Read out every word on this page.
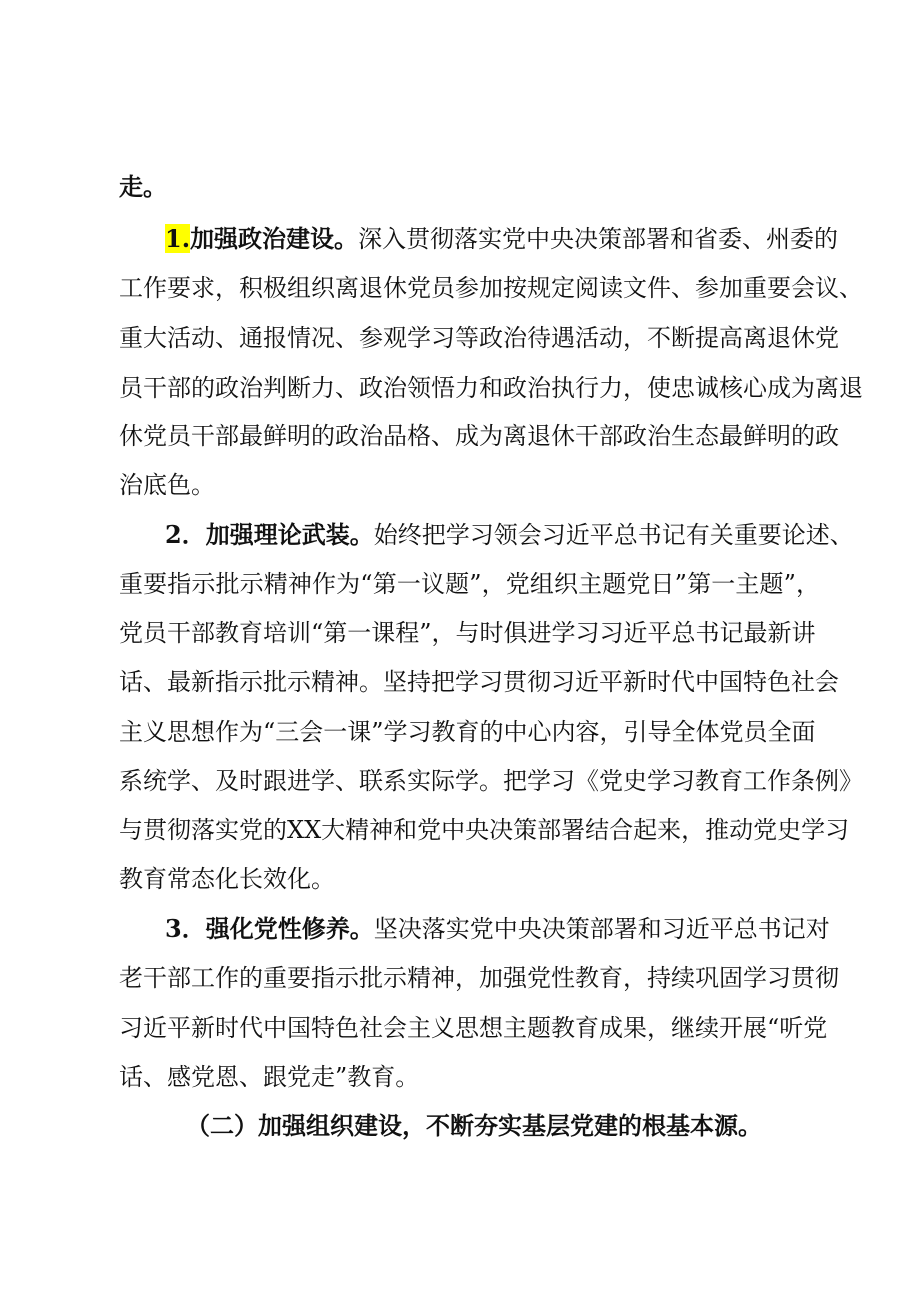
走。
1.加强政治建设。深入贯彻落实党中央决策部署和省委、州委的
工作要求，积极组织离退休党员参加按规定阅读文件、参加重要会议、
重大活动、通报情况、参观学习等政治待遇活动，不断提高离退休党
员干部的政治判断力、政治领悟力和政治执行力，使忠诚核心成为离退
休党员干部最鲜明的政治品格、成为离退休干部政治生态最鲜明的政
治底色。
2．加强理论武装。始终把学习领会习近平总书记有关重要论述、
重要指示批示精神作为“第一议题”，党组织主题党日”第一主题”，
党员干部教育培训“第一课程”，与时俱进学习习近平总书记最新讲
话、最新指示批示精神。坚持把学习贯彻习近平新时代中国特色社会
主义思想作为“三会一课”学习教育的中心内容，引导全体党员全面
系统学、及时跟进学、联系实际学。把学习《党史学习教育工作条例》
与贯彻落实党的XX大精神和党中央决策部署结合起来，推动党史学习
教育常态化长效化。
3．强化党性修养。坚决落实党中央决策部署和习近平总书记对
老干部工作的重要指示批示精神，加强党性教育，持续巩固学习贯彻
习近平新时代中国特色社会主义思想主题教育成果，继续开展“听党
话、感党恩、跟党走”教育。
（二）加强组织建设，不断夯实基层党建的根基本源。
